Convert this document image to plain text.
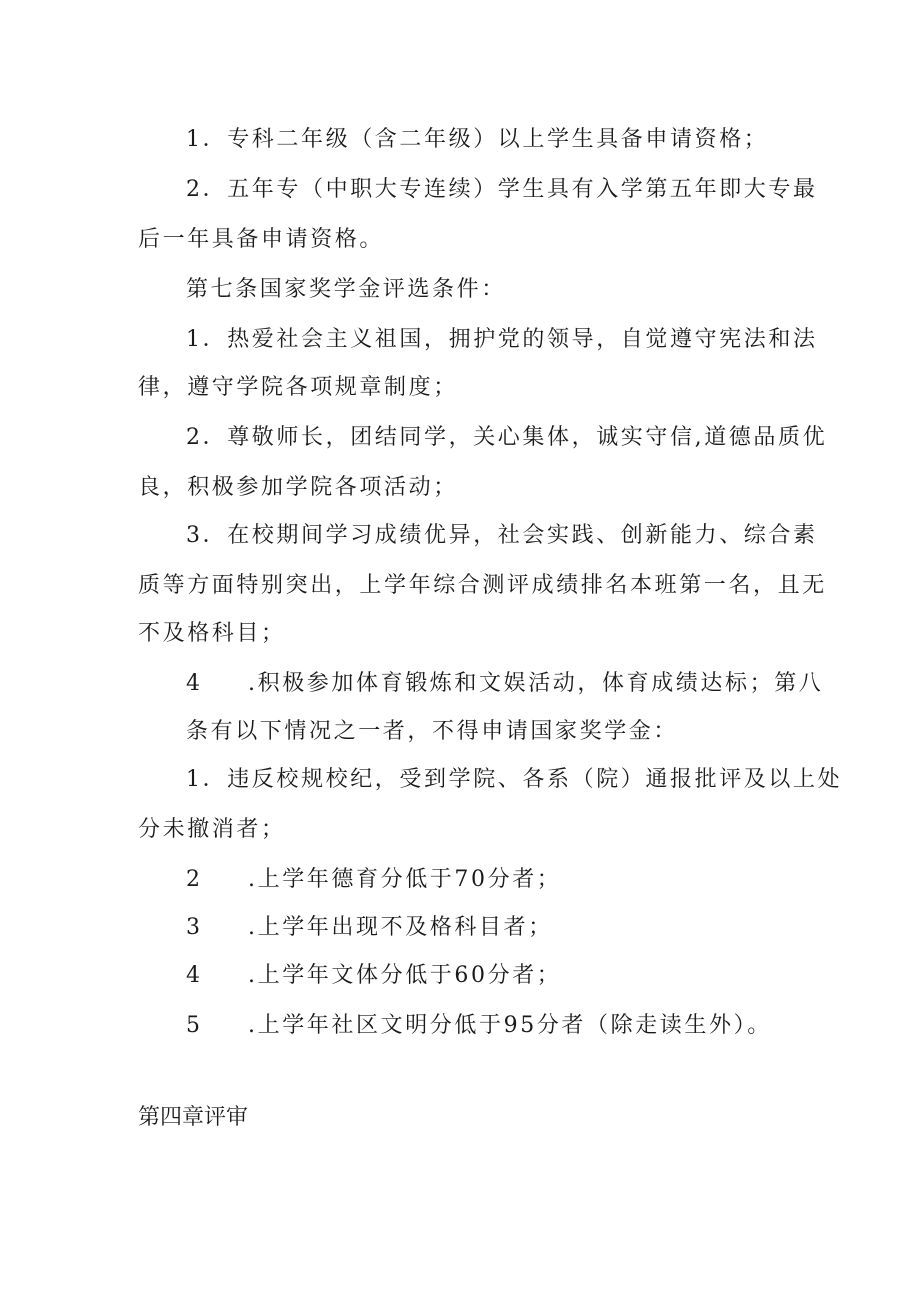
1．专科二年级（含二年级）以上学生具备申请资格；
2．五年专（中职大专连续）学生具有入学第五年即大专最
后一年具备申请资格。
第七条国家奖学金评选条件：
1．热爱社会主义祖国，拥护党的领导，自觉遵守宪法和法
律，遵守学院各项规章制度；
2．尊敬师长，团结同学，关心集体，诚实守信,道德品质优
良，积极参加学院各项活动；
3．在校期间学习成绩优异，社会实践、创新能力、综合素
质等方面特别突出，上学年综合测评成绩排名本班第一名，且无
不及格科目；
4 .积极参加体育锻炼和文娱活动，体育成绩达标；第八
条有以下情况之一者，不得申请国家奖学金：
1．违反校规校纪，受到学院、各系（院）通报批评及以上处
分未撤消者；
2 .上学年德育分低于70分者；
3 .上学年出现不及格科目者；
4 .上学年文体分低于60分者；
5 .上学年社区文明分低于95分者（除走读生外）。
第四章评审
